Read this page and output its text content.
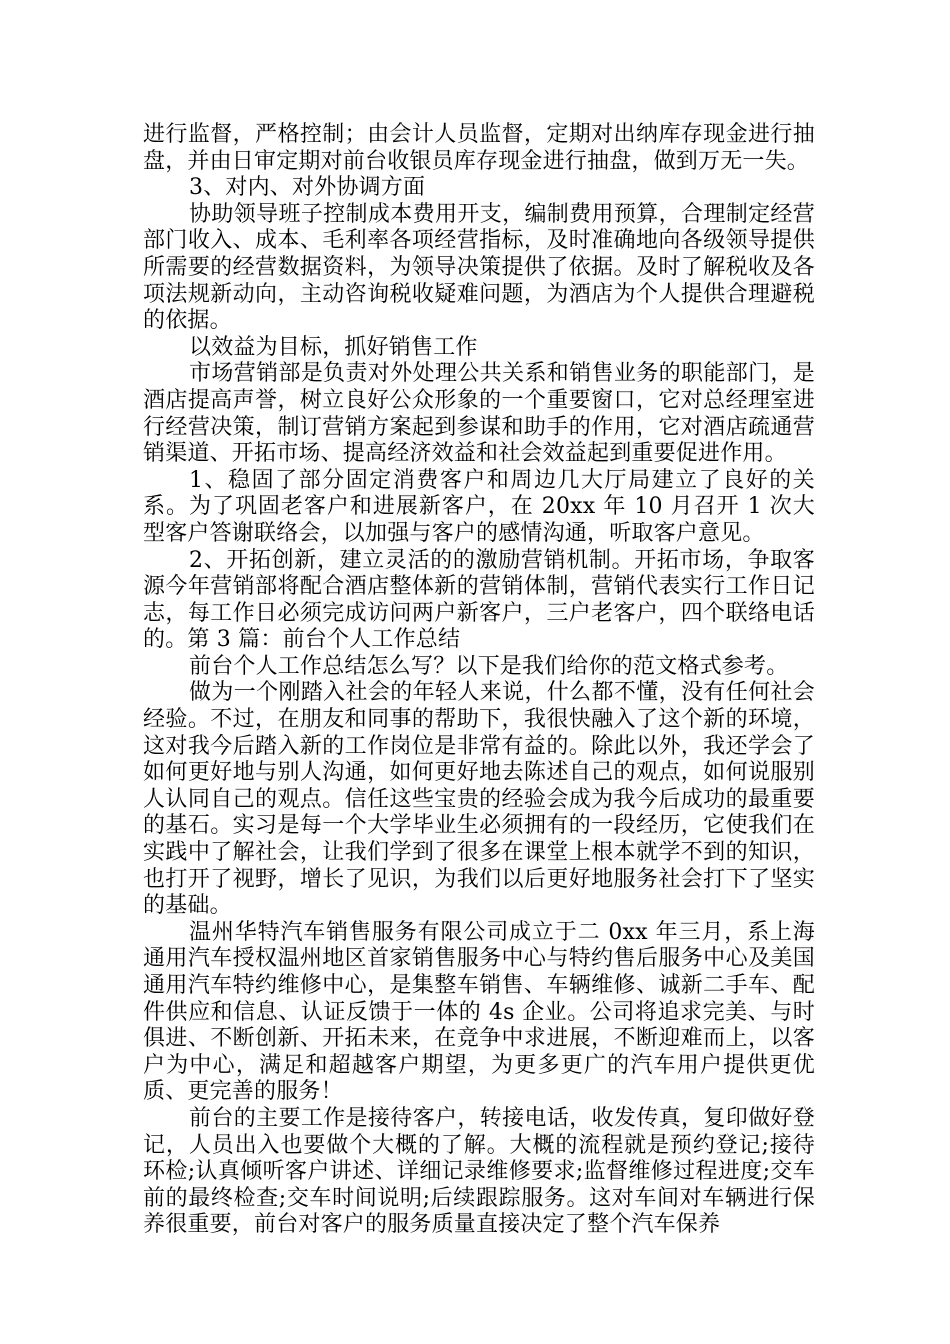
进行监督，严格控制；由会计人员监督，定期对出纳库存现金进行抽盘，并由日审定期对前台收银员库存现金进行抽盘，做到万无一失。

3、对内、对外协调方面

协助领导班子控制成本费用开支，编制费用预算，合理制定经营部门收入、成本、毛利率各项经营指标，及时准确地向各级领导提供所需要的经营数据资料，为领导决策提供了依据。及时了解税收及各项法规新动向，主动咨询税收疑难问题，为酒店为个人提供合理避税的依据。

以效益为目标，抓好销售工作

市场营销部是负责对外处理公共关系和销售业务的职能部门，是酒店提高声誉，树立良好公众形象的一个重要窗口，它对总经理室进行经营决策，制订营销方案起到参谋和助手的作用，它对酒店疏通营销渠道、开拓市场、提高经济效益和社会效益起到重要促进作用。

1、稳固了部分固定消费客户和周边几大厅局建立了良好的关系。为了巩固老客户和进展新客户，在 20xx 年 10 月召开 1 次大型客户答谢联络会，以加强与客户的感情沟通，听取客户意见。

2、开拓创新，建立灵活的的激励营销机制。开拓市场，争取客源今年营销部将配合酒店整体新的营销体制，营销代表实行工作日记志，每工作日必须完成访问两户新客户，三户老客户，四个联络电话的。第 3 篇：前台个人工作总结

前台个人工作总结怎么写？以下是我们给你的范文格式参考。

做为一个刚踏入社会的年轻人来说，什么都不懂，没有任何社会经验。不过，在朋友和同事的帮助下，我很快融入了这个新的环境，这对我今后踏入新的工作岗位是非常有益的。除此以外，我还学会了如何更好地与别人沟通，如何更好地去陈述自己的观点，如何说服别人认同自己的观点。信任这些宝贵的经验会成为我今后成功的最重要的基石。实习是每一个大学毕业生必须拥有的一段经历，它使我们在实践中了解社会，让我们学到了很多在课堂上根本就学不到的知识，也打开了视野，增长了见识，为我们以后更好地服务社会打下了坚实的基础。

温州华特汽车销售服务有限公司成立于二 0xx 年三月，系上海通用汽车授权温州地区首家销售服务中心与特约售后服务中心及美国通用汽车特约维修中心，是集整车销售、车辆维修、诚新二手车、配件供应和信息、认证反馈于一体的 4s 企业。公司将追求完美、与时俱进、不断创新、开拓未来，在竞争中求进展，不断迎难而上，以客户为中心，满足和超越客户期望，为更多更广的汽车用户提供更优质、更完善的服务！

前台的主要工作是接待客户，转接电话，收发传真，复印做好登记，人员出入也要做个大概的了解。大概的流程就是预约登记;接待环检;认真倾听客户讲述、详细记录维修要求;监督维修过程进度;交车前的最终检查;交车时间说明;后续跟踪服务。这对车间对车辆进行保养很重要，前台对客户的服务质量直接决定了整个汽车保养
